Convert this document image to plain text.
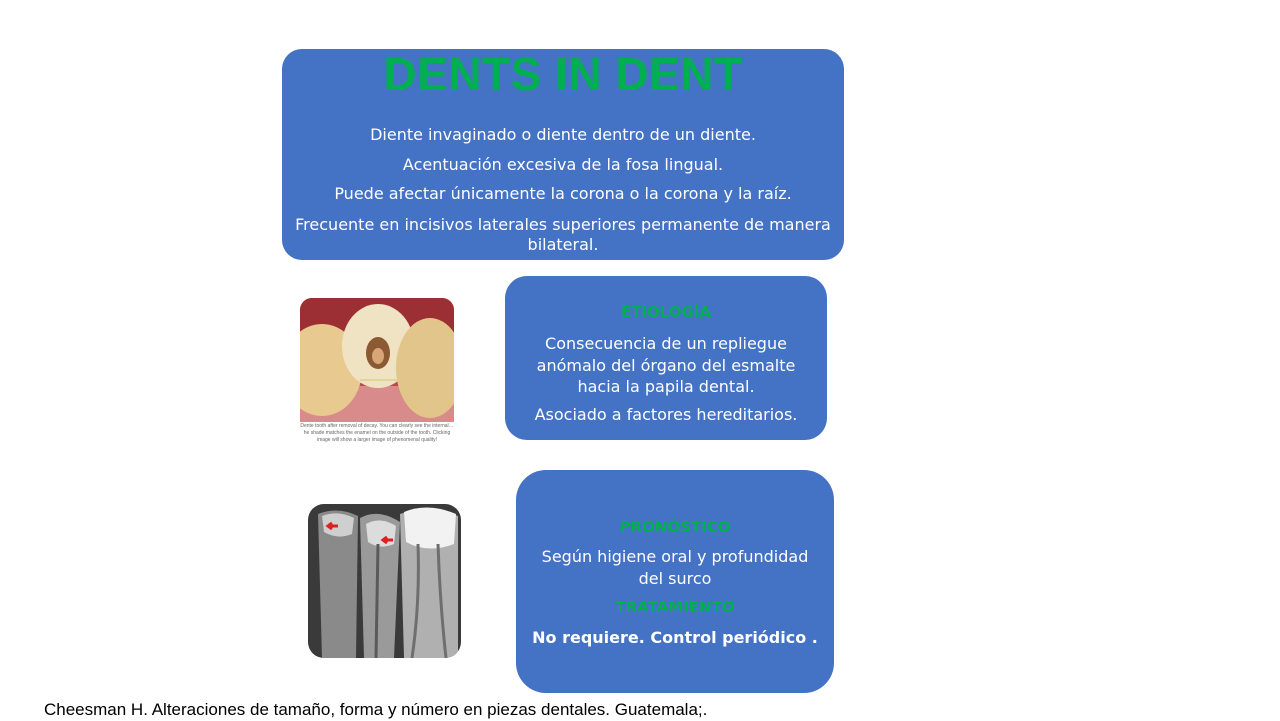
DENTS IN DENT
Diente invaginado o diente dentro de un diente.
Acentuación excesiva de la fosa lingual.
Puede afectar únicamente la corona o la corona y la raíz.
Frecuente en incisivos laterales superiores permanente de manera
bilateral.
Dente tooth after removal of decay. You can clearly see the internal… he shade matches the enamel on the outside of the tooth. Clicking image will show a larger image of phenomenal quality!
ETIOLOGÍA
Consecuencia de un repliegue
anómalo del órgano del esmalte
hacia la papila dental.
Asociado a factores hereditarios.
PRONÓSTICO
Según higiene oral y profundidad
del surco
TRATAMIENTO
No requiere. Control periódico .
Cheesman H. Alteraciones de tamaño, forma y número en piezas dentales. Guatemala;.
